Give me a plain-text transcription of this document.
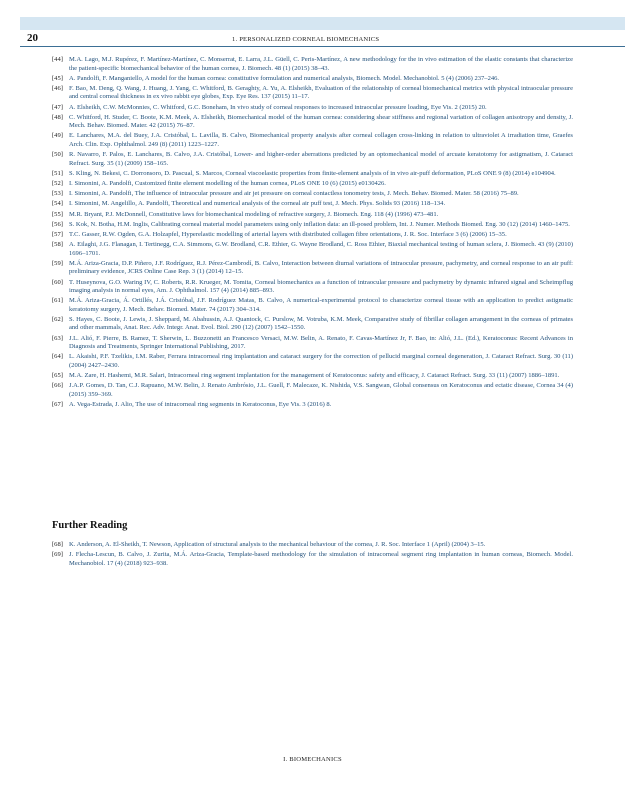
20	1. PERSONALIZED CORNEAL BIOMECHANICS
[44] M.A. Lago, M.J. Rupérez, F. Martínez-Martínez, C. Monserrat, E. Larra, J.L. Güell, C. Peris-Martínez, A new methodology for the in vivo estimation of the elastic constants that characterize the patient-specific biomechanical behavior of the human cornea, J. Biomech. 48 (1) (2015) 38–43.
[45] A. Pandolfi, F. Manganiello, A model for the human cornea: constitutive formulation and numerical analysis, Biomech. Model. Mechanobiol. 5 (4) (2006) 237–246.
[46] F. Bao, M. Deng, Q. Wang, J. Huang, J. Yang, C. Whitford, B. Geraghty, A. Yu, A. Elsheikh, Evaluation of the relationship of corneal biomechanical metrics with physical intraocular pressure and central corneal thickness in ex vivo rabbit eye globes, Exp. Eye Res. 137 (2015) 11–17.
[47] A. Elsheikh, C.W. McMonnies, C. Whitford, G.C. Boneham, In vivo study of corneal responses to increased intraocular pressure loading, Eye Vis. 2 (2015) 20.
[48] C. Whitford, H. Studer, C. Boote, K.M. Meek, A. Elsheikh, Biomechanical model of the human cornea: considering shear stiffness and regional variation of collagen anisotropy and density, J. Mech. Behav. Biomed. Mater. 42 (2015) 76–87.
[49] E. Lanchares, M.A. del Buey, J.A. Cristóbal, L. Lavilla, B. Calvo, Biomechanical property analysis after corneal collagen cross-linking in relation to ultraviolet A irradiation time, Graefes Arch. Clin. Exp. Ophthalmol. 249 (8) (2011) 1223–1227.
[50] R. Navarro, F. Palos, E. Lanchares, B. Calvo, J.A. Cristóbal, Lower- and higher-order aberrations predicted by an optomechanical model of arcuate keratotomy for astigmatism, J. Cataract Refract. Surg. 35 (1) (2009) 158–165.
[51] S. Kling, N. Bekesi, C. Dorronsoro, D. Pascual, S. Marcos, Corneal viscoelastic properties from finite-element analysis of in vivo air-puff deformation, PLoS ONE 9 (8) (2014) e104904.
[52] I. Simonini, A. Pandolfi, Customized finite element modelling of the human cornea, PLoS ONE 10 (6) (2015) e0130426.
[53] I. Simonini, A. Pandolfi, The influence of intraocular pressure and air jet pressure on corneal contactless tonometry tests, J. Mech. Behav. Biomed. Mater. 58 (2016) 75–89.
[54] I. Simonini, M. Angelillo, A. Pandolfi, Theoretical and numerical analysis of the corneal air puff test, J. Mech. Phys. Solids 93 (2016) 118–134.
[55] M.R. Bryant, P.J. McDonnell, Constitutive laws for biomechanical modeling of refractive surgery, J. Biomech. Eng. 118 (4) (1996) 473–481.
[56] S. Kok, N. Botha, H.M. Inglis, Calibrating corneal material model parameters using only inflation data: an ill-posed problem, Int. J. Numer. Methods Biomed. Eng. 30 (12) (2014) 1460–1475.
[57] T.C. Gasser, R.W. Ogden, G.A. Holzapfel, Hyperelastic modelling of arterial layers with distributed collagen fibre orientations, J. R. Soc. Interface 3 (6) (2006) 15–35.
[58] A. Eilaghi, J.G. Flanagan, I. Tertinegg, C.A. Simmons, G.W. Brodland, C.R. Ethier, G. Wayne Brodland, C. Ross Ethier, Biaxial mechanical testing of human sclera, J. Biomech. 43 (9) (2010) 1696–1701.
[59] M.Á. Ariza-Gracia, D.P. Piñero, J.F. Rodríguez, R.J. Pérez-Cambrodí, B. Calvo, Interaction between diurnal variations of intraocular pressure, pachymetry, and corneal response to an air puff: preliminary evidence, JCRS Online Case Rep. 3 (1) (2014) 12–15.
[60] T. Huseynova, G.O. Waring IV, C. Roberts, R.R. Krueger, M. Tomita, Corneal biomechanics as a function of intraocular pressure and pachymetry by dynamic infrared signal and Scheimpflug imaging analysis in normal eyes, Am. J. Ophthalmol. 157 (4) (2014) 885–893.
[61] M.Á. Ariza-Gracia, Á. Ortillés, J.Á. Cristóbal, J.F. Rodríguez Matas, B. Calvo, A numerical-experimental protocol to characterize corneal tissue with an application to predict astigmatic keratotomy surgery, J. Mech. Behav. Biomed. Mater. 74 (2017) 304–314.
[62] S. Hayes, C. Boote, J. Lewis, J. Sheppard, M. Abahussin, A.J. Quantock, C. Purslow, M. Votruba, K.M. Meek, Comparative study of fibrillar collagen arrangement in the corneas of primates and other mammals, Anat. Rec. Adv. Integr. Anat. Evol. Biol. 290 (12) (2007) 1542–1550.
[63] J.L. Alió, F. Pierre, B. Ramez, T. Sherwin, L. Buzzonetti an Francesco Versaci, M.W. Belin, A. Renato, F. Cavas-Martínez Jr, F. Bao, in: Alió, J.L. (Ed.), Keratoconus: Recent Advances in Diagnosis and Treatments, Springer International Publishing, 2017.
[64] L. Akaishi, P.F. Tzelikis, I.M. Raber, Ferrara intracorneal ring implantation and cataract surgery for the correction of pellucid marginal corneal degeneration, J. Cataract Refract. Surg. 30 (11) (2004) 2427–2430.
[65] M.A. Zare, H. Hashemi, M.R. Salari, Intracorneal ring segment implantation for the management of Keratoconus: safety and efficacy, J. Cataract Refract. Surg. 33 (11) (2007) 1886–1891.
[66] J.A.P. Gomes, D. Tan, C.J. Rapuano, M.W. Belin, J. Renato Ambrósio, J.L. Guell, F. Malecaze, K. Nishida, V.S. Sangwan, Global consensus on Keratoconus and ectatic disease, Cornea 34 (4) (2015) 359–369.
[67] A. Vega-Estrada, J. Alio, The use of intracorneal ring segments in Keratoconus, Eye Vis. 3 (2016) 8.
Further Reading
[68] K. Anderson, A. El-Sheikh, T. Newson, Application of structural analysis to the mechanical behaviour of the cornea, J. R. Soc. Interface 1 (April) (2004) 3–15.
[69] J. Flecha-Lescun, B. Calvo, J. Zurita, M.Á. Ariza-Gracia, Template-based methodology for the simulation of intracorneal segment ring implantation in human corneas, Biomech. Model. Mechanobiol. 17 (4) (2018) 923–938.
I. BIOMECHANICS
